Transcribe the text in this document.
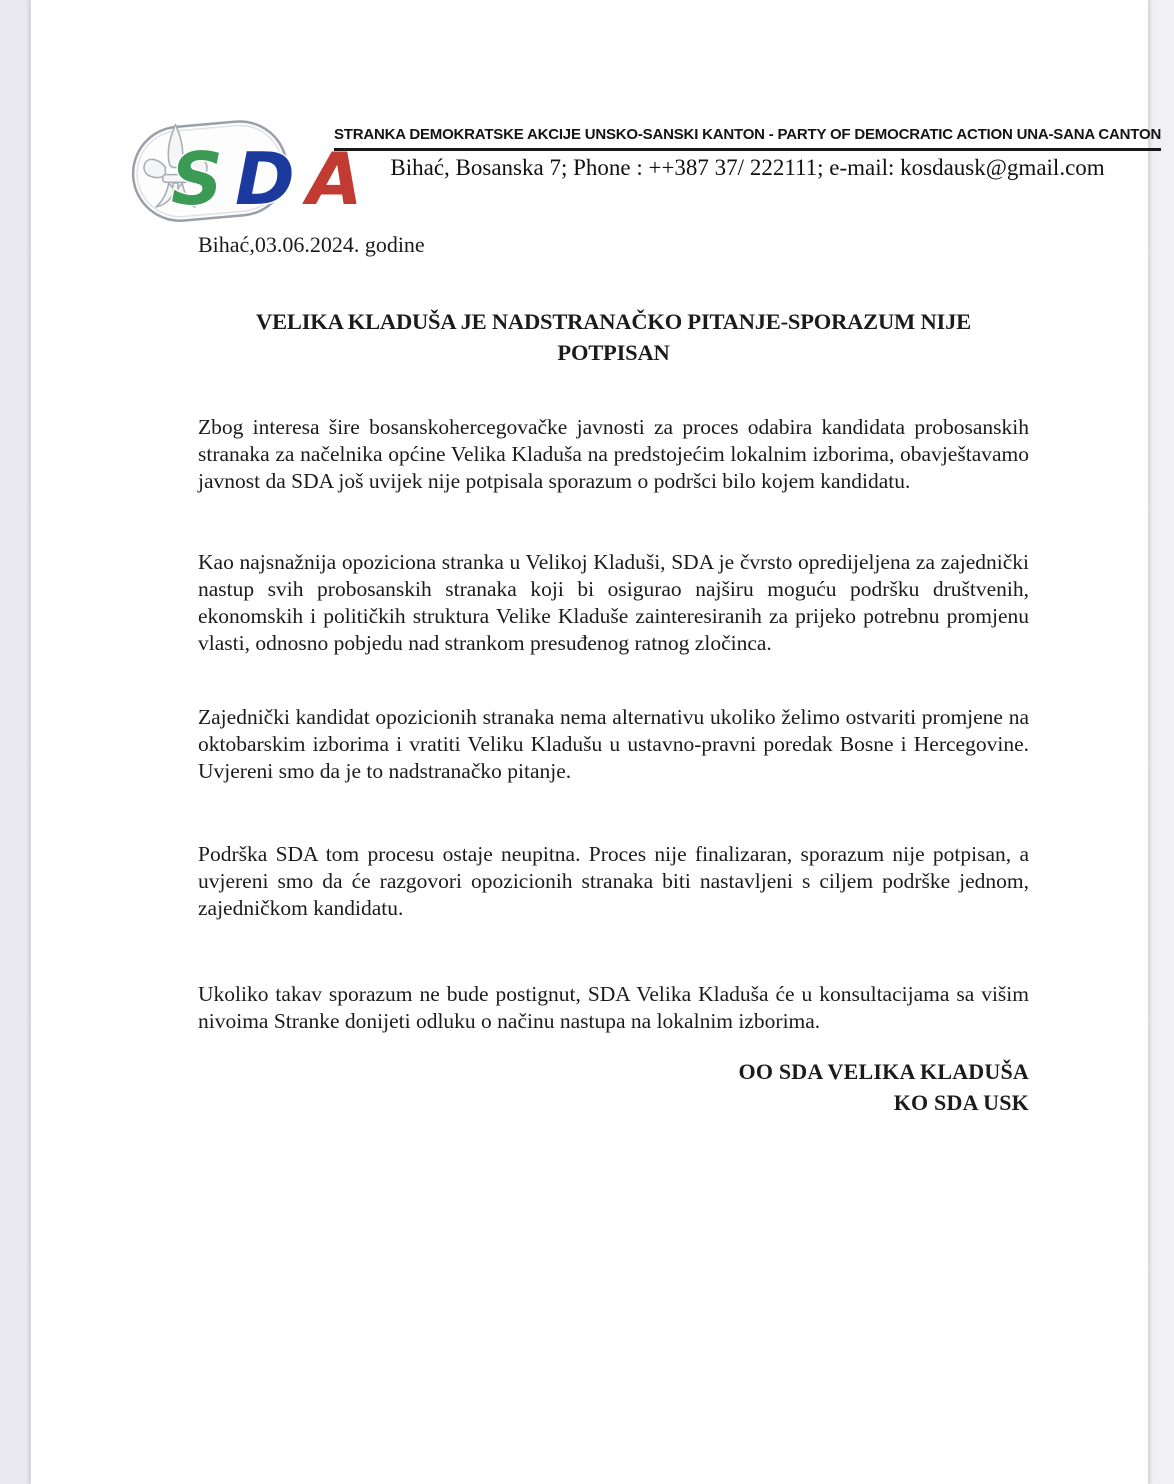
S D A
STRANKA DEMOKRATSKE AKCIJE UNSKO-SANSKI KANTON - PARTY OF DEMOCRATIC ACTION UNA-SANA CANTON
Bihać, Bosanska 7; Phone : ++387 37/ 222111; e-mail: kosdausk@gmail.com
Bihać,03.06.2024. godine
VELIKA KLADUŠA JE NADSTRANAČKO PITANJE-SPORAZUM NIJE
POTPISAN

Zbog interesa šire bosanskohercegovačke javnosti za proces odabira kandidata probosanskih stranaka za načelnika općine Velika Kladuša na predstojećim lokalnim izborima, obavještavamo javnost da SDA još uvijek nije potpisala sporazum o podršci bilo kojem kandidatu.

Kao najsnažnija opoziciona stranka u Velikoj Kladuši, SDA je čvrsto opredijeljena za zajednički nastup svih probosanskih stranaka koji bi osigurao najširu moguću podršku društvenih, ekonomskih i političkih struktura Velike Kladuše zainteresiranih za prijeko potrebnu promjenu vlasti, odnosno pobjedu nad strankom presuđenog ratnog zločinca.

Zajednički kandidat opozicionih stranaka nema alternativu ukoliko želimo ostvariti promjene na oktobarskim izborima i vratiti Veliku Kladušu u ustavno-pravni poredak Bosne i Hercegovine. Uvjereni smo da je to nadstranačko pitanje.

Podrška SDA tom procesu ostaje neupitna. Proces nije finalizaran, sporazum nije potpisan, a uvjereni smo da će razgovori opozicionih stranaka biti nastavljeni s ciljem podrške jednom, zajedničkom kandidatu.

Ukoliko takav sporazum ne bude postignut, SDA Velika Kladuša će u konsultacijama sa višim nivoima Stranke donijeti odluku o načinu nastupa na lokalnim izborima.

OO SDA VELIKA KLADUŠA
KO SDA USK
